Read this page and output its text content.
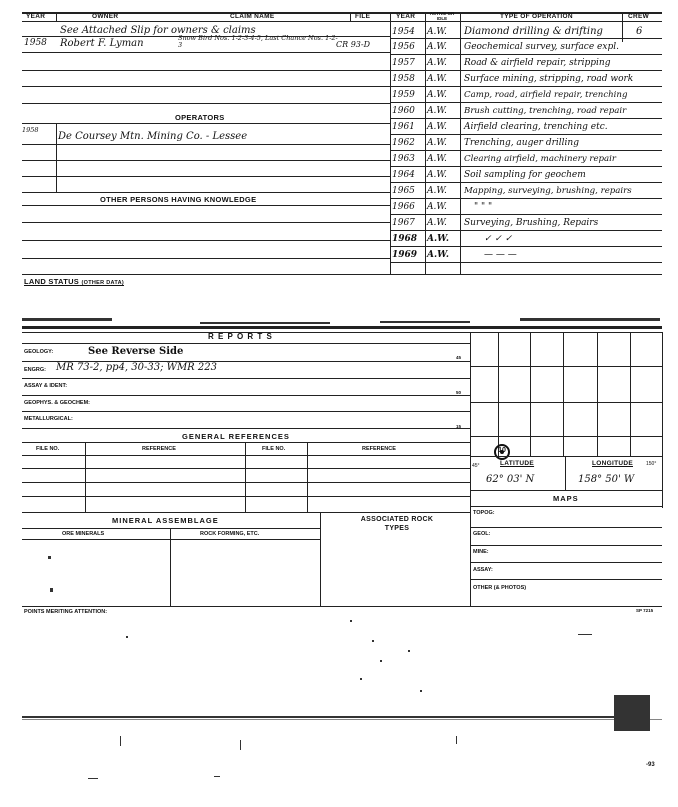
YEAR	OWNER	CLAIM NAME	FILE	YEAR	ACTIVE OR IDLE	TYPE OF OPERATION	CREW
See Attached Slip for owners & claims
1958 Robert F. Lyman	Snow Bird Nos. 1-2-3-4-5, Last Chance Nos. 1-2-3	CR 93-D
OPERATORS
1958
De Coursey Mtn. Mining Co. - Lessee
OTHER PERSONS HAVING KNOWLEDGE
1954 A.W. Diamond drilling & drifting	6
1956 A.W. Geochemical survey, surface expl.
1957 A.W. Road & airfield repair, stripping
1958 A.W. Surface mining, stripping, road work
1959 A.W. Camp, road, airfield repair, trenching
1960 A.W. Brush cutting, trenching, road repair
1961 A.W. Airfield clearing, trenching etc.
1962 A.W. Trenching, auger drilling
1963 A.W. Clearing airfield, machinery repair
1964 A.W. Soil sampling for geochem
1965 A.W. Mapping, surveying, brushing, repairs
1966 A.W.	" " "
1967 A.W. Surveying, Brushing, Repairs
1968 A.W.	✓ ✓ ✓
1969 A.W.	— — —
LAND STATUS (OTHER DATA)
R E P O R T S
GEOLOGY:	See Reverse Side
45
ENGRG: MR 73-2, pp4, 30-33; WMR 223
ASSAY & IDENT:
50
GEOPHYS. & GEOCHEM:
METALLURGICAL:
15
GENERAL REFERENCES
FILE NO.	REFERENCE	FILE NO.	REFERENCE	10
45°	150°
LATITUDE	LONGITUDE
62° 03' N	158° 50' W
MAPS
TOPOG:
GEOL:
MINE:
ASSAY:
OTHER (& PHOTOS)
MINERAL ASSEMBLAGE	ASSOCIATED ROCK TYPES
ORE MINERALS	ROCK FORMING, ETC.
POINTS MERITING ATTENTION:	SP 7215
-93
